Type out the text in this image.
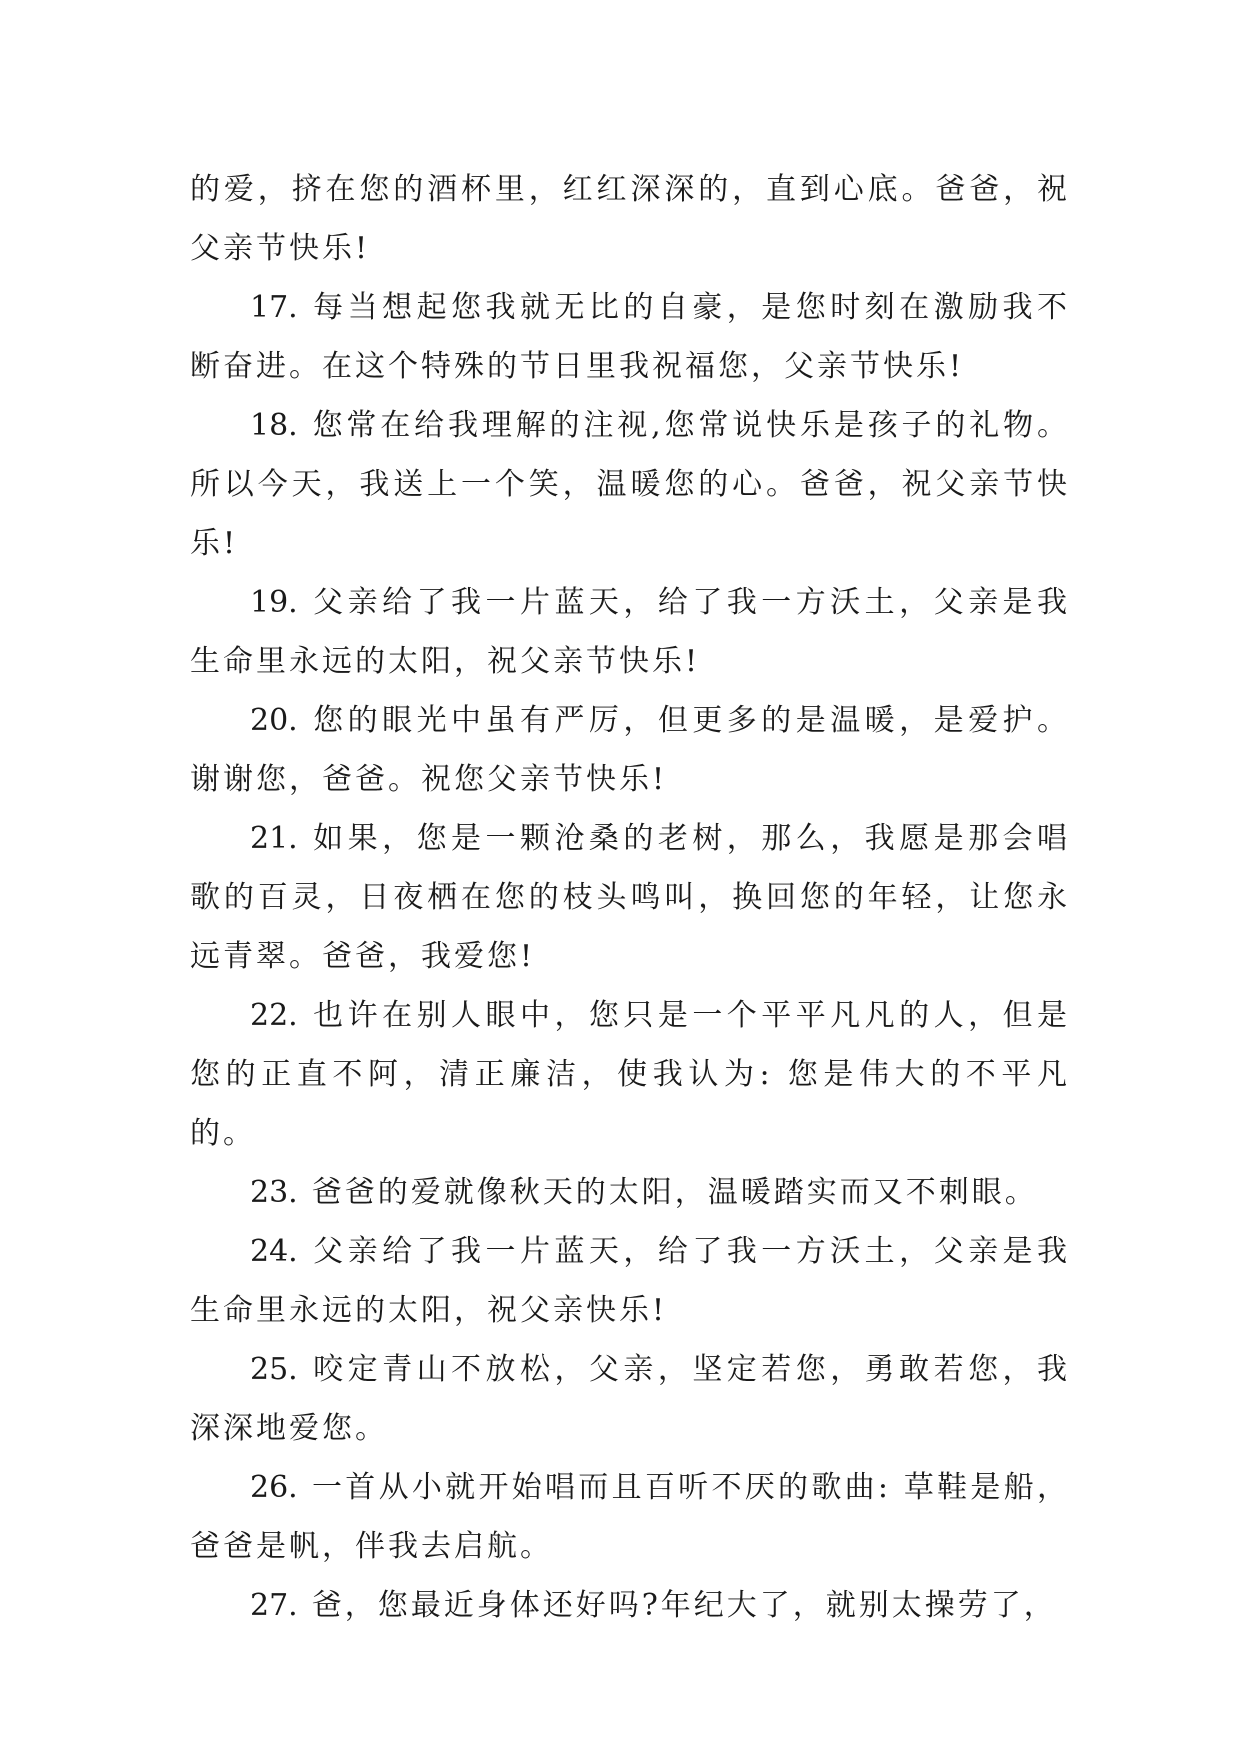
的爱，挤在您的酒杯里，红红深深的，直到心底。爸爸，祝父亲节快乐!

17. 每当想起您我就无比的自豪，是您时刻在激励我不断奋进。在这个特殊的节日里我祝福您，父亲节快乐!

18. 您常在给我理解的注视,您常说快乐是孩子的礼物。所以今天，我送上一个笑，温暖您的心。爸爸，祝父亲节快乐!

19. 父亲给了我一片蓝天，给了我一方沃土，父亲是我生命里永远的太阳，祝父亲节快乐!

20. 您的眼光中虽有严厉，但更多的是温暖，是爱护。谢谢您，爸爸。祝您父亲节快乐!

21. 如果，您是一颗沧桑的老树，那么，我愿是那会唱歌的百灵，日夜栖在您的枝头鸣叫，换回您的年轻，让您永远青翠。爸爸，我爱您!

22. 也许在别人眼中，您只是一个平平凡凡的人，但是您的正直不阿，清正廉洁，使我认为: 您是伟大的不平凡的。

23. 爸爸的爱就像秋天的太阳，温暖踏实而又不刺眼。

24. 父亲给了我一片蓝天，给了我一方沃土，父亲是我生命里永远的太阳，祝父亲快乐!

25. 咬定青山不放松，父亲，坚定若您，勇敢若您，我深深地爱您。

26. 一首从小就开始唱而且百听不厌的歌曲: 草鞋是船，爸爸是帆，伴我去启航。

27. 爸，您最近身体还好吗?年纪大了，就别太操劳了，
